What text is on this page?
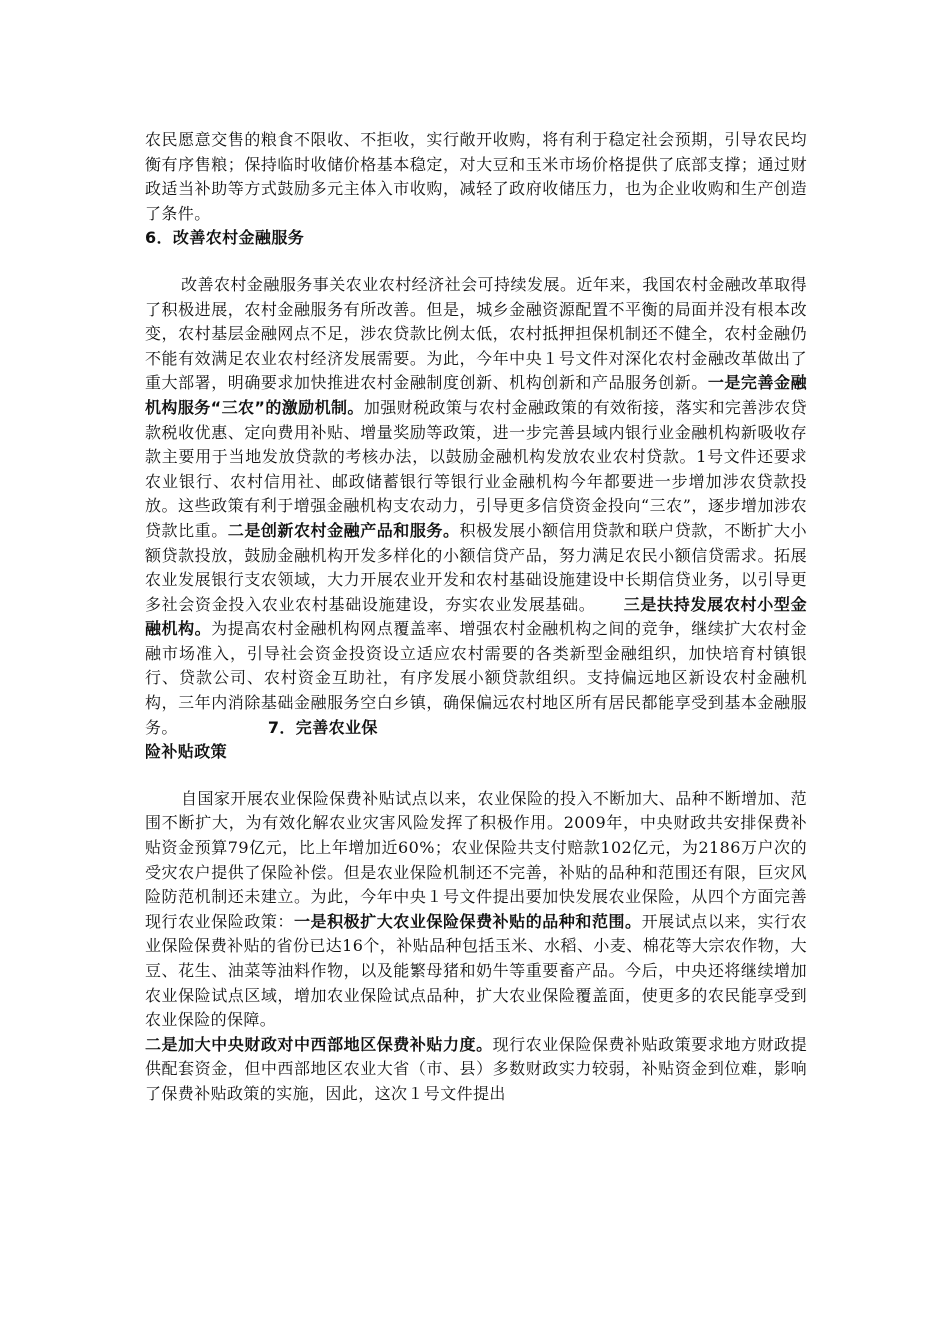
农民愿意交售的粮食不限收、不拒收，实行敞开收购，将有利于稳定社会预期，引导农民均衡有序售粮；保持临时收储价格基本稳定，对大豆和玉米市场价格提供了底部支撑；通过财政适当补助等方式鼓励多元主体入市收购，减轻了政府收储压力，也为企业收购和生产创造了条件。

6．改善农村金融服务

改善农村金融服务事关农业农村经济社会可持续发展。近年来，我国农村金融改革取得了积极进展，农村金融服务有所改善。但是，城乡金融资源配置不平衡的局面并没有根本改变，农村基层金融网点不足，涉农贷款比例太低，农村抵押担保机制还不健全，农村金融仍不能有效满足农业农村经济发展需要。为此，今年中央１号文件对深化农村金融改革做出了重大部署，明确要求加快推进农村金融制度创新、机构创新和产品服务创新。一是完善金融机构服务“三农”的激励机制。加强财税政策与农村金融政策的有效衔接，落实和完善涉农贷款税收优惠、定向费用补贴、增量奖励等政策，进一步完善县域内银行业金融机构新吸收存款主要用于当地发放贷款的考核办法，以鼓励金融机构发放农业农村贷款。1号文件还要求农业银行、农村信用社、邮政储蓄银行等银行业金融机构今年都要进一步增加涉农贷款投放。这些政策有利于增强金融机构支农动力，引导更多信贷资金投向“三农”，逐步增加涉农贷款比重。二是创新农村金融产品和服务。积极发展小额信用贷款和联户贷款，不断扩大小额贷款投放，鼓励金融机构开发多样化的小额信贷产品，努力满足农民小额信贷需求。拓展农业发展银行支农领域，大力开展农业开发和农村基础设施建设中长期信贷业务，以引导更多社会资金投入农业农村基础设施建设，夯实农业发展基础。 三是扶持发展农村小型金融机构。为提高农村金融机构网点覆盖率、增强农村金融机构之间的竞争，继续扩大农村金融市场准入，引导社会资金投资设立适应农村需要的各类新型金融组织，加快培育村镇银行、贷款公司、农村资金互助社，有序发展小额贷款组织。支持偏远地区新设农村金融机构，三年内消除基础金融服务空白乡镇，确保偏远农村地区所有居民都能享受到基本金融服务。	7．完善农业保

险补贴政策

自国家开展农业保险保费补贴试点以来，农业保险的投入不断加大、品种不断增加、范围不断扩大，为有效化解农业灾害风险发挥了积极作用。2009年，中央财政共安排保费补贴资金预算79亿元，比上年增加近60%；农业保险共支付赔款102亿元，为2186万户次的受灾农户提供了保险补偿。但是农业保险机制还不完善，补贴的品种和范围还有限，巨灾风险防范机制还未建立。为此，今年中央１号文件提出要加快发展农业保险，从四个方面完善现行农业保险政策：一是积极扩大农业保险保费补贴的品种和范围。开展试点以来，实行农业保险保费补贴的省份已达16个，补贴品种包括玉米、水稻、小麦、棉花等大宗农作物，大豆、花生、油菜等油料作物，以及能繁母猪和奶牛等重要畜产品。今后，中央还将继续增加农业保险试点区域，增加农业保险试点品种，扩大农业保险覆盖面，使更多的农民能享受到农业保险的保障。

二是加大中央财政对中西部地区保费补贴力度。现行农业保险保费补贴政策要求地方财政提供配套资金，但中西部地区农业大省（市、县）多数财政实力较弱，补贴资金到位难，影响了保费补贴政策的实施，因此，这次１号文件提出
